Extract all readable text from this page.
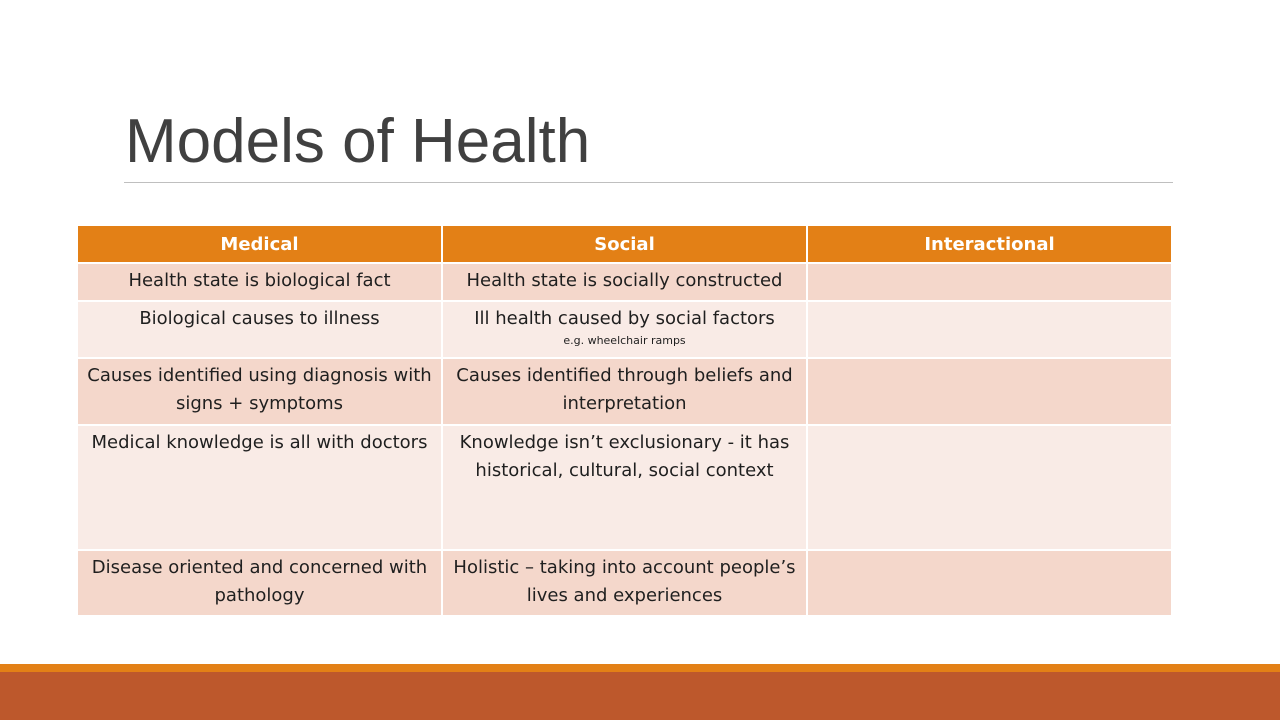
Models of Health
Medical	Social	Interactional
Health state is biological fact	Health state is socially constructed	
Biological causes to illness	Ill health caused by social factors
e.g. wheelchair ramps	

Causes identified using diagnosis with signs + symptoms	Causes identified through beliefs and interpretation	
Medical knowledge is all with doctors	Knowledge isn’t exclusionary - it has historical, cultural, social context	
Disease oriented and concerned with pathology	Holistic – taking into account people’s lives and experiences	
